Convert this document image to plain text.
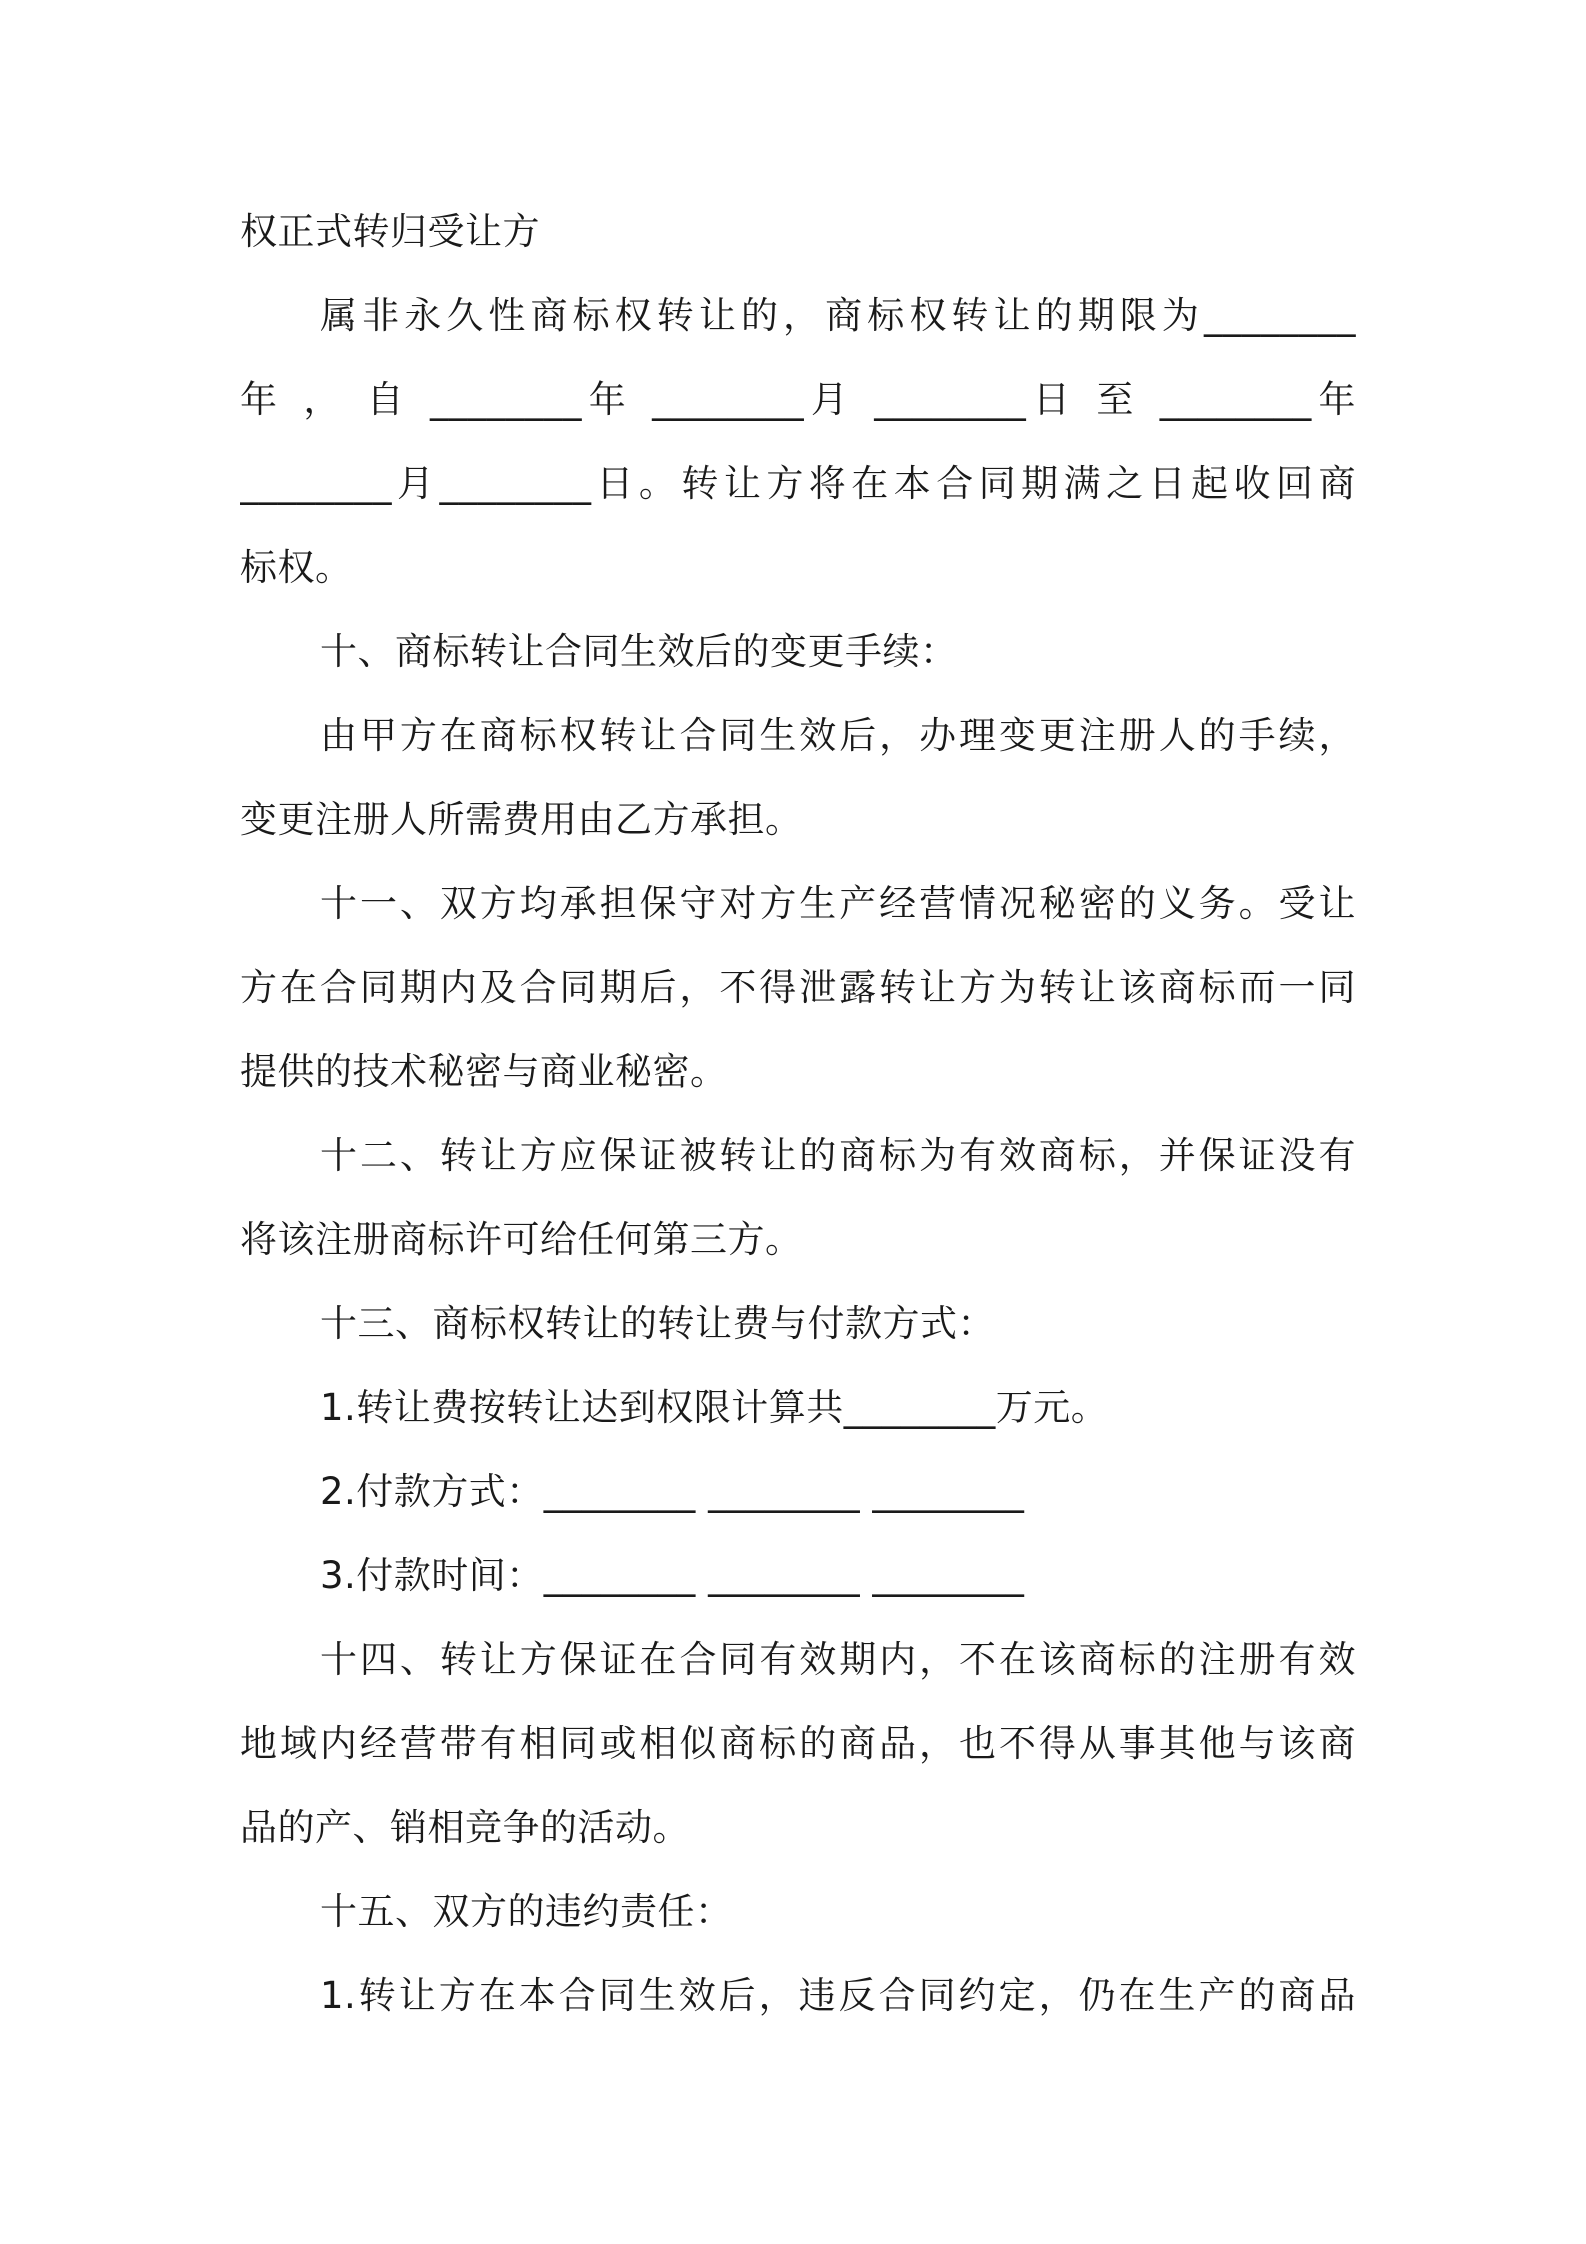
权正式转归受让方
属非永久性商标权转让的，商标权转让的期限为________
年 ， 自 ________年 ________月 ________日 至 ________年
________月________日。转让方将在本合同期满之日起收回商
标权。
十、商标转让合同生效后的变更手续：
由甲方在商标权转让合同生效后，办理变更注册人的手续，
变更注册人所需费用由乙方承担。
十一、双方均承担保守对方生产经营情况秘密的义务。受让
方在合同期内及合同期后，不得泄露转让方为转让该商标而一同
提供的技术秘密与商业秘密。
十二、转让方应保证被转让的商标为有效商标，并保证没有
将该注册商标许可给任何第三方。
十三、商标权转让的转让费与付款方式：
1.转让费按转让达到权限计算共________万元。
2.付款方式：________ ________ ________
3.付款时间：________ ________ ________
十四、转让方保证在合同有效期内，不在该商标的注册有效
地域内经营带有相同或相似商标的商品，也不得从事其他与该商
品的产、销相竞争的活动。
十五、双方的违约责任：
1.转让方在本合同生效后，违反合同约定，仍在生产的商品
